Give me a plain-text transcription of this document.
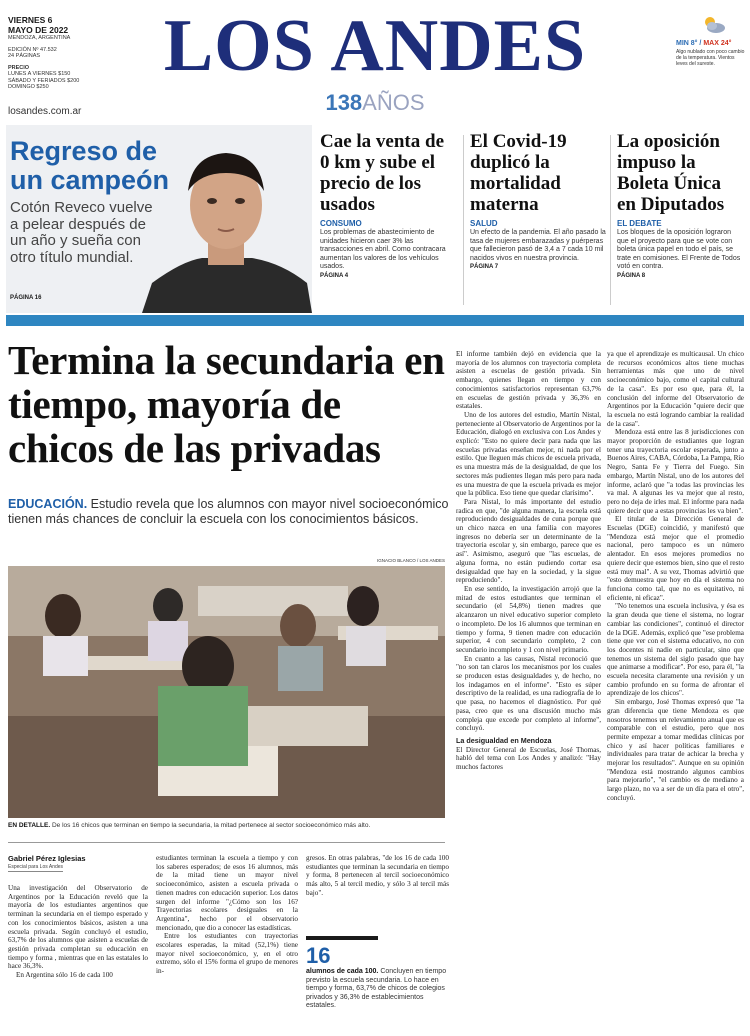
VIERNES 6
MAYO DE 2022
MENDOZA, ARGENTINA
EDICIÓN Nº 47.532
24 PÁGINAS
PRECIO
LUNES A VIERNES $150
SÁBADO Y FERIADOS $200
DOMINGO $250	LOS ANDES
138AÑOS
losandes.com.ar
MIN 8° / MAX 24°
Algo nublado con poco cambio de la temperatura. Vientos leves del sureste.
Regreso de un campeón

Cotón Reveco vuelve a pelear después de un año y sueña con otro título mundial.

PÁGINA 16
Cae la venta de 0 km y sube el precio de los usados
CONSUMO
Los problemas de abastecimiento de unidades hicieron caer 3% las transacciones en abril. Como contracara aumentan los valores de los vehículos usados.
PÁGINA 4
El Covid-19 duplicó la mortalidad materna
SALUD
Un efecto de la pandemia. El año pasado la tasa de mujeres embarazadas y puérperas que fallecieron pasó de 3,4 a 7 cada 10 mil nacidos vivos en nuestra provincia.
PÁGINA 7
La oposición impuso la Boleta Única en Diputados
EL DEBATE
Los bloques de la oposición lograron que el proyecto para que se vote con boleta única papel en todo el país, se trate en comisiones. El Frente de Todos votó en contra.
PÁGINA 8
Termina la secundaria en tiempo, mayoría de chicos de las privadas
EDUCACIÓN. Estudio revela que los alumnos con mayor nivel socioeconómico tienen más chances de concluir la escuela con los conocimientos básicos.
IGNACIO BLANCO / LOS ANDES
EN DETALLE. De los 16 chicos que terminan en tiempo la secundaria, la mitad pertenece al sector socioeconómico más alto.
Gabriel Pérez Iglesias
Especial para Los Andes

Una investigación del Observatorio de Argentinos por la Educación reveló que la mayoría de los estudiantes argentinos que terminan la secundaria en el tiempo esperado y con los conocimientos básicos, asisten a una escuela privada. Según concluyó el estudio, 63,7% de los alumnos que asisten a escuelas de gestión privada completan su educación en tiempo y forma , mientras que en las estatales lo hace 36,3%.

En Argentina sólo 16 de cada 100

estudiantes terminan la escuela a tiempo y con los saberes esperados; de esos 16 alumnos, más de la mitad tiene un mayor nivel socioeconómico, asisten a escuela privada o tienen madres con educación superior. Los datos surgen del informe "¿Cómo son los 16? Trayectorias escolares desiguales en la Argentina", hecho por el observatorio mencionado, que dio a conocer las estadísticas.

Entre los estudiantes con trayectorias escolares esperadas, la mitad (52,1%) tiene mayor nivel socioeconómico, y, en el otro extremo, sólo el 15% forma el grupo de menores in-

gresos. En otras palabras, "de los 16 de cada 100 estudiantes que terminan la secundaria en tiempo y forma, 8 pertenecen al tercil socioeconómico más alto, 5 al tercil medio, y sólo 3 al tercil más bajo".

16
alumnos de cada 100. Concluyen en tiempo previsto la escuela secundaria. Lo hace en tiempo y forma, 63,7% de chicos de colegios privados y 36,3% de establecimientos estatales.

El informe también dejó en evidencia que la mayoría de los alumnos con trayectoria completa asisten a escuelas de gestión privada. Sin embargo, quienes llegan en tiempo y con conocimientos satisfactorios representan 63,7% en escuelas de gestión privada y 36,3% en estatales.

Uno de los autores del estudio, Martín Nistal, perteneciente al Observatorio de Argentinos por la Educación, dialogó en exclusiva con Los Andes y explicó: "Esto no quiere decir para nada que las escuelas privadas enseñan mejor, ni nada por el estilo. Que lleguen más chicos de escuela privada, es una muestra más de la desigualdad, de que los sectores más pudientes llegan más pero para nada es una muestra de que la escuela privada es mejor que la pública. Eso tiene que quedar clarísimo".

Para Nistal, lo más importante del estudio radica en que, "de alguna manera, la escuela está reproduciendo desigualdades de cuna porque que un chico nazca en una familia con mayores ingresos no debería ser un determinante de la trayectoria escolar y, sin embargo, parece que es así". Asimismo, aseguró que "las escuelas, de alguna forma, no están pudiendo cortar esa desigualdad que hay en la sociedad, y la sigue reproduciendo".

En ese sentido, la investigación arrojó que la mitad de estos estudiantes que terminan el secundario (el 54,8%) tienen madres que alcanzaron un nivel educativo superior completo o incompleto. De los 16 alumnos que terminan en tiempo y forma, 9 tienen madre con educación superior, 4 con secundario completo, 2 con secundario incompleto y 1 con nivel primario.

En cuanto a las causas, Nistal reconoció que "no son tan claros los mecanismos por los cuales se producen estas desigualdades y, de hecho, no los indagamos en el informe". "Esto es súper descriptivo de la realidad, es una radiografía de lo que pasa, no hacemos el diagnóstico. Por qué pasa, creo que es una discusión mucho más compleja que excede por completo al informe", concluyó.

La desigualdad en Mendoza

El Director General de Escuelas, José Thomas, habló del tema con Los Andes y analizó: "Hay muchos factores

ya que el aprendizaje es multicausal. Un chico de recursos económicos altos tiene muchas herramientas más que uno de nivel socioeconómico bajo, como el capital cultural de la casa". Es por eso que, para él, la conclusión del informe del Observatorio de Argentinos por la Educación "quiere decir que la escuela no está logrando cambiar la realidad de la casa".

Mendoza está entre las 8 jurisdicciones con mayor proporción de estudiantes que logran tener una trayectoria escolar esperada, junto a Buenos Aires, CABA, Córdoba, La Pampa, Río Negro, Santa Fe y Tierra del Fuego. Sin embargo, Martín Nistal, uno de los autores del informe, aclaró que "a todas las provincias les va mal. A algunas les va mejor que al resto, pero no deja de irles mal. El informe para nada quiere decir que a estas provincias les va bien".

El titular de la Dirección General de Escuelas (DGE) coincidió, y manifestó que "Mendoza está mejor que el promedio nacional, pero tampoco es un número alentador. En esos mejores promedios no quiere decir que estemos bien, sino que el resto está muy mal". A su vez, Thomas advirtió que "esto demuestra que hoy en día el sistema no funciona como tal, que no es equitativo, ni eficiente, ni eficaz".

"No tenemos una escuela inclusiva, y ésa es la gran deuda que tiene el sistema, no lograr cambiar las condiciones", continuó el director de la DGE. Además, explicó que "ese problema tiene que ver con el sistema educativo, no con los docentes ni nadie en particular, sino que tenemos un sistema del siglo pasado que hay que animarse a modificar". Por eso, para él, "la escuela necesita claramente una revisión y un cambio profundo en su forma de afrontar el aprendizaje de los chicos".

Sin embargo, José Thomas expresó que "la gran diferencia que tiene Mendoza es que nosotros tenemos un relevamiento anual que es comparable con el estudio, pero que nos permite empezar a tomar medidas clínicas por chico y así hacer políticas familiares e individuales para tratar de achicar la brecha y mejorar los resultados". Aunque en su opinión "Mendoza está mostrando algunos cambios para mejorarlo", "el cambio es de mediano a largo plazo, no va a ser de un día para el otro", concluyó.
